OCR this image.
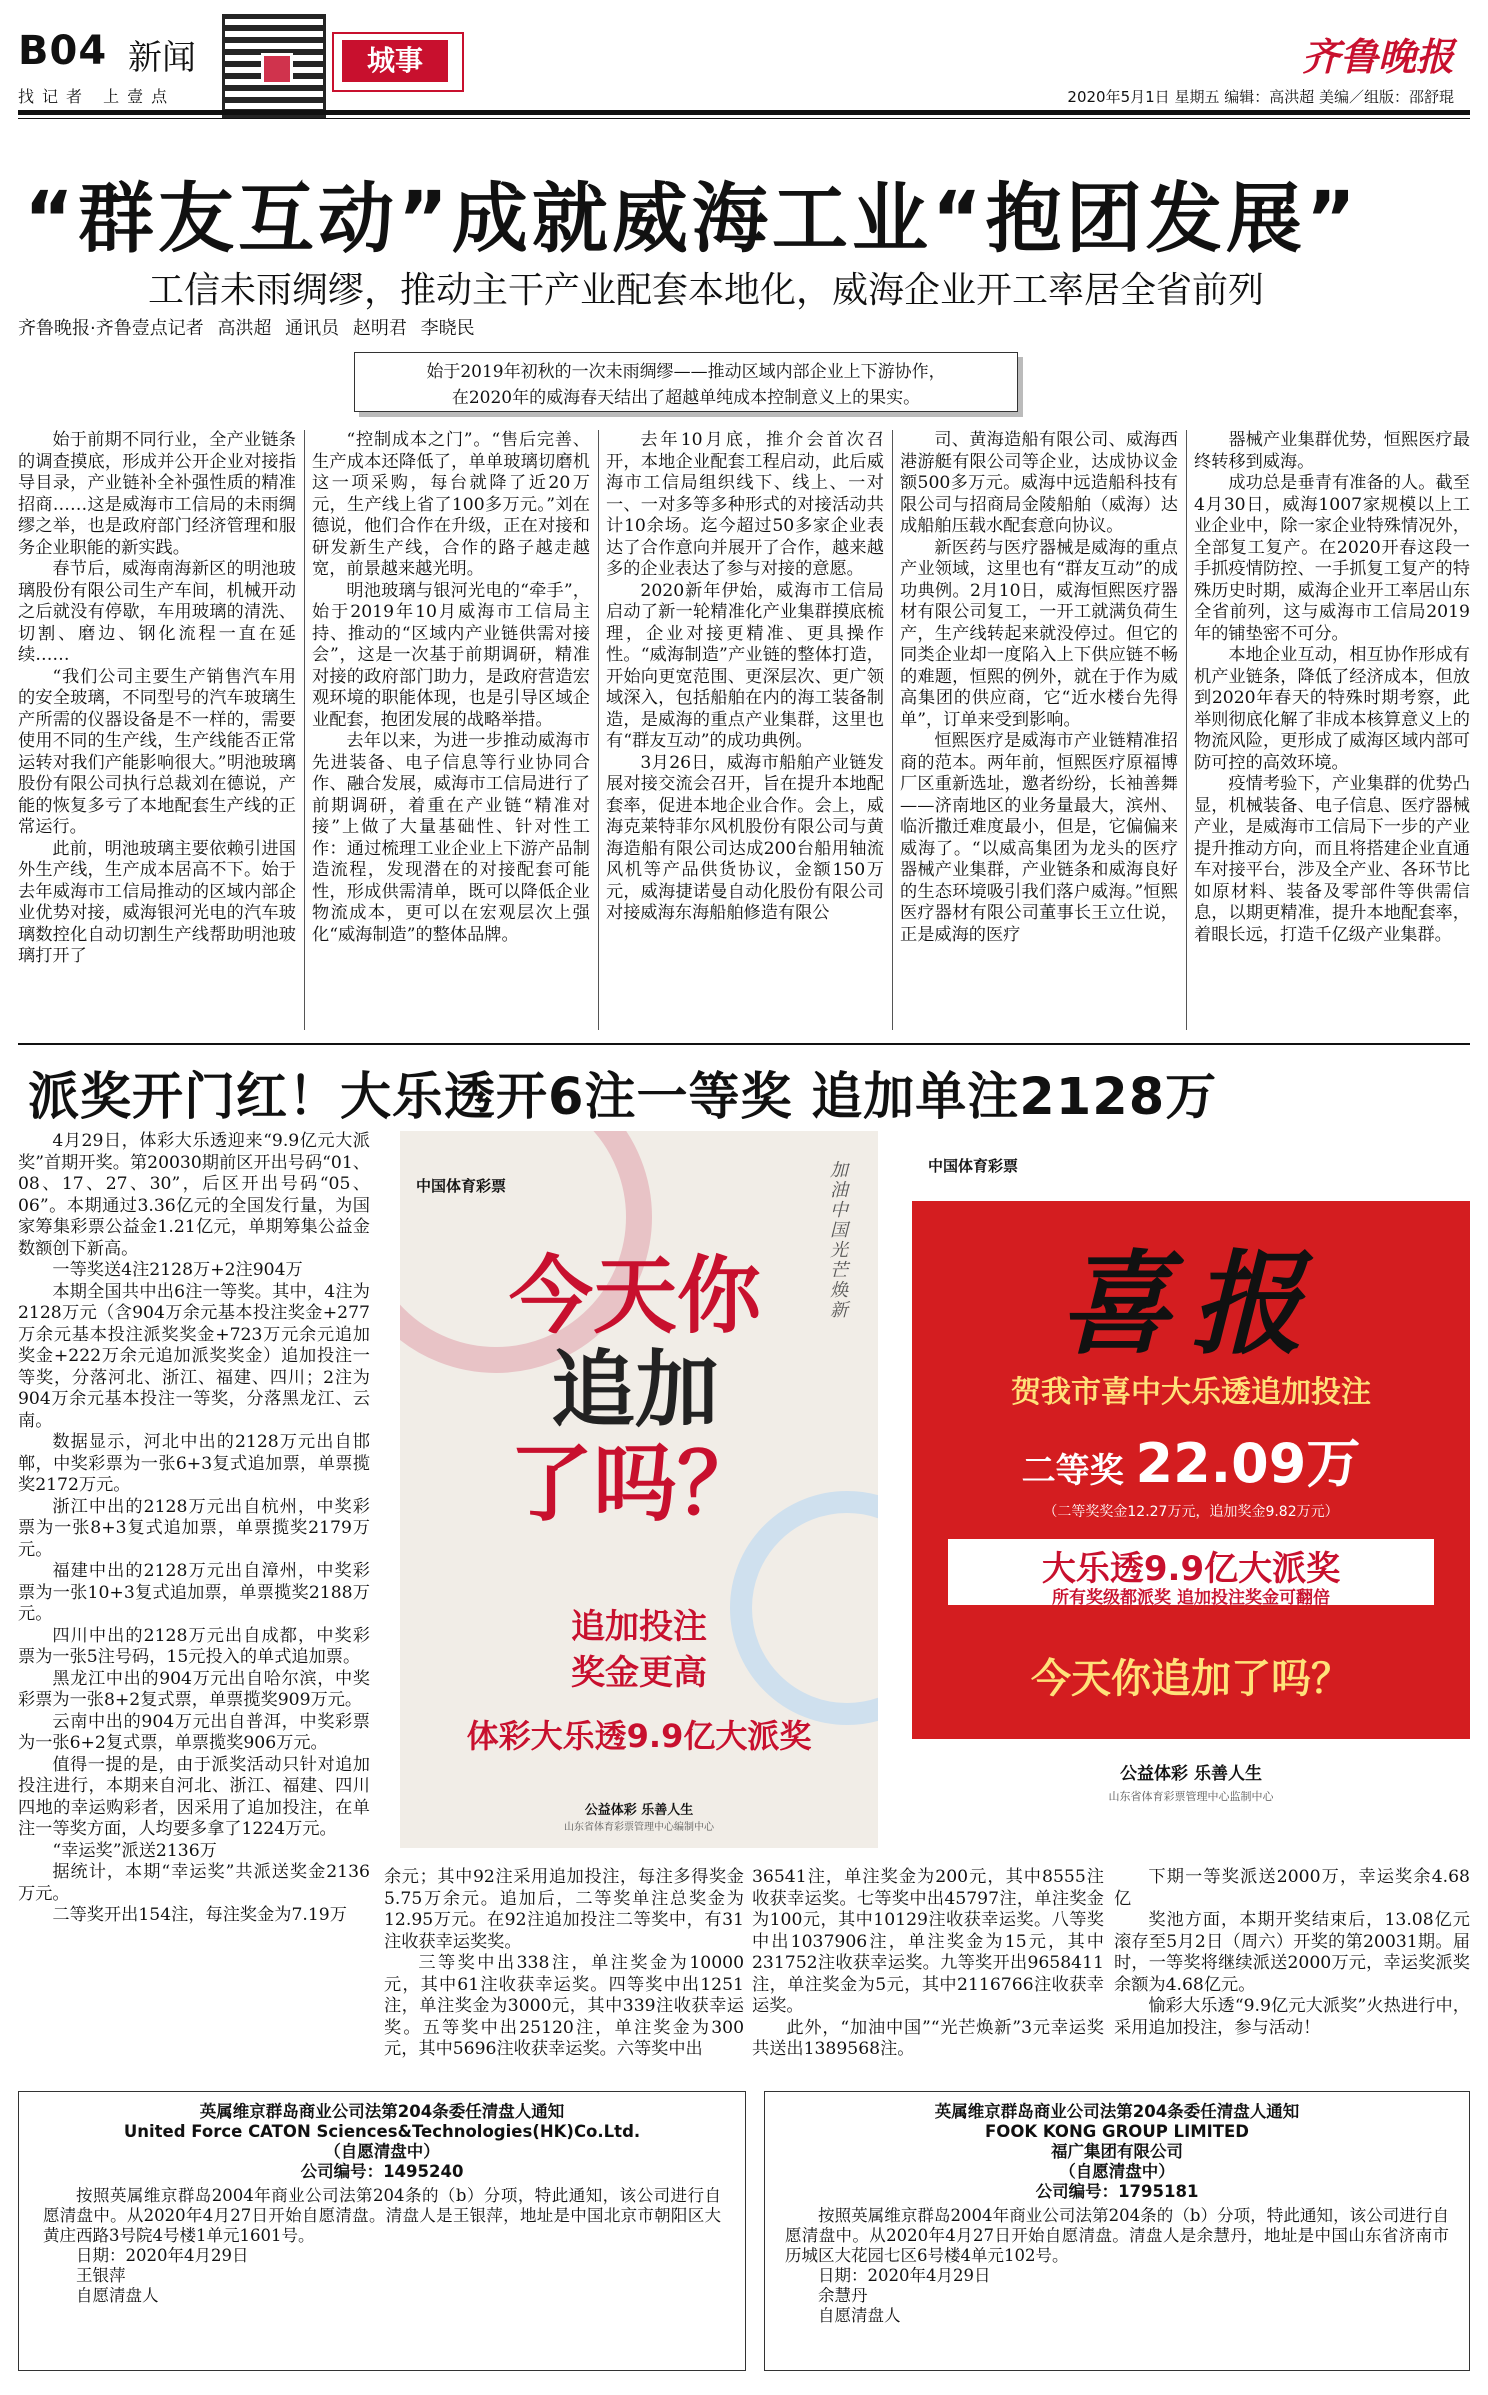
B04 新闻
找记者 上壹点
城事	齐鲁晚报
2020年5月1日 星期五 编辑：高洪超 美编／组版：邵舒琨
“群友互动”成就威海工业“抱团发展”
工信未雨绸缪，推动主干产业配套本地化，威海企业开工率居全省前列
齐鲁晚报·齐鲁壹点记者 高洪超 通讯员 赵明君 李晓民
始于2019年初秋的一次未雨绸缪——推动区域内部企业上下游协作，
在2020年的威海春天结出了超越单纯成本控制意义上的果实。

始于前期不同行业，全产业链条的调查摸底，形成并公开企业对接指导目录，产业链补全补强性质的精准招商……这是威海市工信局的未雨绸缪之举，也是政府部门经济管理和服务企业职能的新实践。

春节后，威海南海新区的明池玻璃股份有限公司生产车间，机械开动之后就没有停歇，车用玻璃的清洗、切割、磨边、钢化流程一直在延续……

“我们公司主要生产销售汽车用的安全玻璃，不同型号的汽车玻璃生产所需的仪器设备是不一样的，需要使用不同的生产线，生产线能否正常运转对我们产能影响很大。”明池玻璃股份有限公司执行总裁刘在德说，产能的恢复多亏了本地配套生产线的正常运行。

此前，明池玻璃主要依赖引进国外生产线，生产成本居高不下。始于去年威海市工信局推动的区域内部企业优势对接，威海银河光电的汽车玻璃数控化自动切割生产线帮助明池玻璃打开了

“控制成本之门”。“售后完善、生产成本还降低了，单单玻璃切磨机这一项采购，每台就降了近20万元，生产线上省了100多万元。”刘在德说，他们合作在升级，正在对接和研发新生产线，合作的路子越走越宽，前景越来越光明。

明池玻璃与银河光电的“牵手”，始于2019年10月威海市工信局主持、推动的“区域内产业链供需对接会”，这是一次基于前期调研，精准对接的政府部门助力，是政府营造宏观环境的职能体现，也是引导区域企业配套，抱团发展的战略举措。

去年以来，为进一步推动威海市先进装备、电子信息等行业协同合作、融合发展，威海市工信局进行了前期调研，着重在产业链“精准对接”上做了大量基础性、针对性工作：通过梳理工业企业上下游产品制造流程，发现潜在的对接配套可能性，形成供需清单，既可以降低企业物流成本，更可以在宏观层次上强化“威海制造”的整体品牌。

去年10月底，推介会首次召开，本地企业配套工程启动，此后威海市工信局组织线下、线上、一对一、一对多等多种形式的对接活动共计10余场。迄今超过50多家企业表达了合作意向并展开了合作，越来越多的企业表达了参与对接的意愿。

2020新年伊始，威海市工信局启动了新一轮精准化产业集群摸底梳理，企业对接更精准、更具操作性。“威海制造”产业链的整体打造，开始向更宽范围、更深层次、更广领域深入，包括船舶在内的海工装备制造，是威海的重点产业集群，这里也有“群友互动”的成功典例。

3月26日，威海市船舶产业链发展对接交流会召开，旨在提升本地配套率，促进本地企业合作。会上，威海克莱特菲尔风机股份有限公司与黄海造船有限公司达成200台船用轴流风机等产品供货协议，金额150万元，威海捷诺曼自动化股份有限公司对接威海东海船舶修造有限公

司、黄海造船有限公司、威海西港游艇有限公司等企业，达成协议金额500多万元。威海中远造船科技有限公司与招商局金陵船舶（威海）达成船舶压载水配套意向协议。

新医药与医疗器械是威海的重点产业领域，这里也有“群友互动”的成功典例。2月10日，威海恒熙医疗器材有限公司复工，一开工就满负荷生产，生产线转起来就没停过。但它的同类企业却一度陷入上下供应链不畅的难题，恒熙的例外，就在于作为威高集团的供应商，它“近水楼台先得单”，订单来受到影响。

恒熙医疗是威海市产业链精准招商的范本。两年前，恒熙医疗原福博厂区重新选址，邀者纷纷，长袖善舞——济南地区的业务量最大，滨州、临沂撒迁难度最小，但是，它偏偏来威海了。“以威高集团为龙头的医疗器械产业集群，产业链条和威海良好的生态环境吸引我们落户威海。”恒熙医疗器材有限公司董事长王立仕说，正是威海的医疗

器械产业集群优势，恒熙医疗最终转移到威海。

成功总是垂青有准备的人。截至4月30日，威海1007家规模以上工业企业中，除一家企业特殊情况外，全部复工复产。在2020开春这段一手抓疫情防控、一手抓复工复产的特殊历史时期，威海企业开工率居山东全省前列，这与威海市工信局2019年的铺垫密不可分。

本地企业互动，相互协作形成有机产业链条，降低了经济成本，但放到2020年春天的特殊时期考察，此举则彻底化解了非成本核算意义上的物流风险，更形成了威海区域内部可防可控的高效环境。

疫情考验下，产业集群的优势凸显，机械装备、电子信息、医疗器械产业，是威海市工信局下一步的产业提升推动方向，而且将搭建企业直通车对接平台，涉及全产业、各环节比如原材料、装备及零部件等供需信息，以期更精准，提升本地配套率，着眼长远，打造千亿级产业集群。

派奖开门红！大乐透开6注一等奖 追加单注2128万

4月29日，体彩大乐透迎来“9.9亿元大派奖”首期开奖。第20030期前区开出号码“01、08、17、27、30”，后区开出号码“05、06”。本期通过3.36亿元的全国发行量，为国家筹集彩票公益金1.21亿元，单期筹集公益金数额创下新高。

一等奖送4注2128万+2注904万

本期全国共中出6注一等奖。其中，4注为2128万元（含904万余元基本投注奖金+277万余元基本投注派奖奖金+723万元余元追加奖金+222万余元追加派奖奖金）追加投注一等奖，分落河北、浙江、福建、四川；2注为904万余元基本投注一等奖，分落黑龙江、云南。

数据显示，河北中出的2128万元出自邯郸，中奖彩票为一张6+3复式追加票，单票揽奖2172万元。

浙江中出的2128万元出自杭州，中奖彩票为一张8+3复式追加票，单票揽奖2179万元。

福建中出的2128万元出自漳州，中奖彩票为一张10+3复式追加票，单票揽奖2188万元。

四川中出的2128万元出自成都，中奖彩票为一张5注号码，15元投入的单式追加票。

黑龙江中出的904万元出自哈尔滨，中奖彩票为一张8+2复式票，单票揽奖909万元。

云南中出的904万元出自普洱，中奖彩票为一张6+2复式票，单票揽奖906万元。

值得一提的是，由于派奖活动只针对追加投注进行，本期来自河北、浙江、福建、四川四地的幸运购彩者，因采用了追加投注，在单注一等奖方面，人均要多拿了1224万元。

“幸运奖”派送2136万

据统计，本期“幸运奖”共派送奖金2136万元。

二等奖开出154注，每注奖金为7.19万

中国体育彩票
加油中国 光芒焕新
今天你
追加
了吗？
追加投注
奖金更高
体彩大乐透9.9亿大派奖
公益体彩 乐善人生
山东省体育彩票管理中心编制中心
中国体育彩票
喜报
贺我市喜中大乐透追加投注
二等奖 22.09万
（二等奖奖金12.27万元，追加奖金9.82万元）
大乐透9.9亿大派奖
所有奖级都派奖 追加投注奖金可翻倍
今天你追加了吗？
公益体彩 乐善人生
山东省体育彩票管理中心监制中心

余元；其中92注采用追加投注，每注多得奖金5.75万余元。追加后，二等奖单注总奖金为12.95万元。在92注追加投注二等奖中，有31注收获幸运奖奖。

三等奖中出338注，单注奖金为10000元，其中61注收获幸运奖。四等奖中出1251注，单注奖金为3000元，其中339注收获幸运奖。五等奖中出25120注，单注奖金为300元，其中5696注收获幸运奖。六等奖中出

36541注，单注奖金为200元，其中8555注收获幸运奖。七等奖中出45797注，单注奖金为100元，其中10129注收获幸运奖。八等奖中出1037906注，单注奖金为15元，其中231752注收获幸运奖。九等奖开出9658411注，单注奖金为5元，其中2116766注收获幸运奖。

此外，“加油中国”“光芒焕新”3元幸运奖共送出1389568注。

下期一等奖派送2000万，幸运奖余4.68亿

奖池方面，本期开奖结束后，13.08亿元滚存至5月2日（周六）开奖的第20031期。届时，一等奖将继续派送2000万元，幸运奖派奖余额为4.68亿元。

愉彩大乐透“9.9亿元大派奖”火热进行中，采用追加投注，参与活动！

英属维京群岛商业公司法第204条委任清盘人通知
United Force CATON Sciences&Technologies(HK)Co.Ltd.
（自愿清盘中）
公司编号：1495240
按照英属维京群岛2004年商业公司法第204条的（b）分项，特此通知，该公司进行自愿清盘中。从2020年4月27日开始自愿清盘。清盘人是王银萍，地址是中国北京市朝阳区大黄庄西路3号院4号楼1单元1601号。
日期：2020年4月29日
王银萍
自愿清盘人
英属维京群岛商业公司法第204条委任清盘人通知
FOOK KONG GROUP LIMITED
福广集团有限公司
（自愿清盘中）
公司编号：1795181
按照英属维京群岛2004年商业公司法第204条的（b）分项，特此通知，该公司进行自愿清盘中。从2020年4月27日开始自愿清盘。清盘人是余慧丹，地址是中国山东省济南市历城区大花园七区6号楼4单元102号。
日期：2020年4月29日
余慧丹
自愿清盘人
